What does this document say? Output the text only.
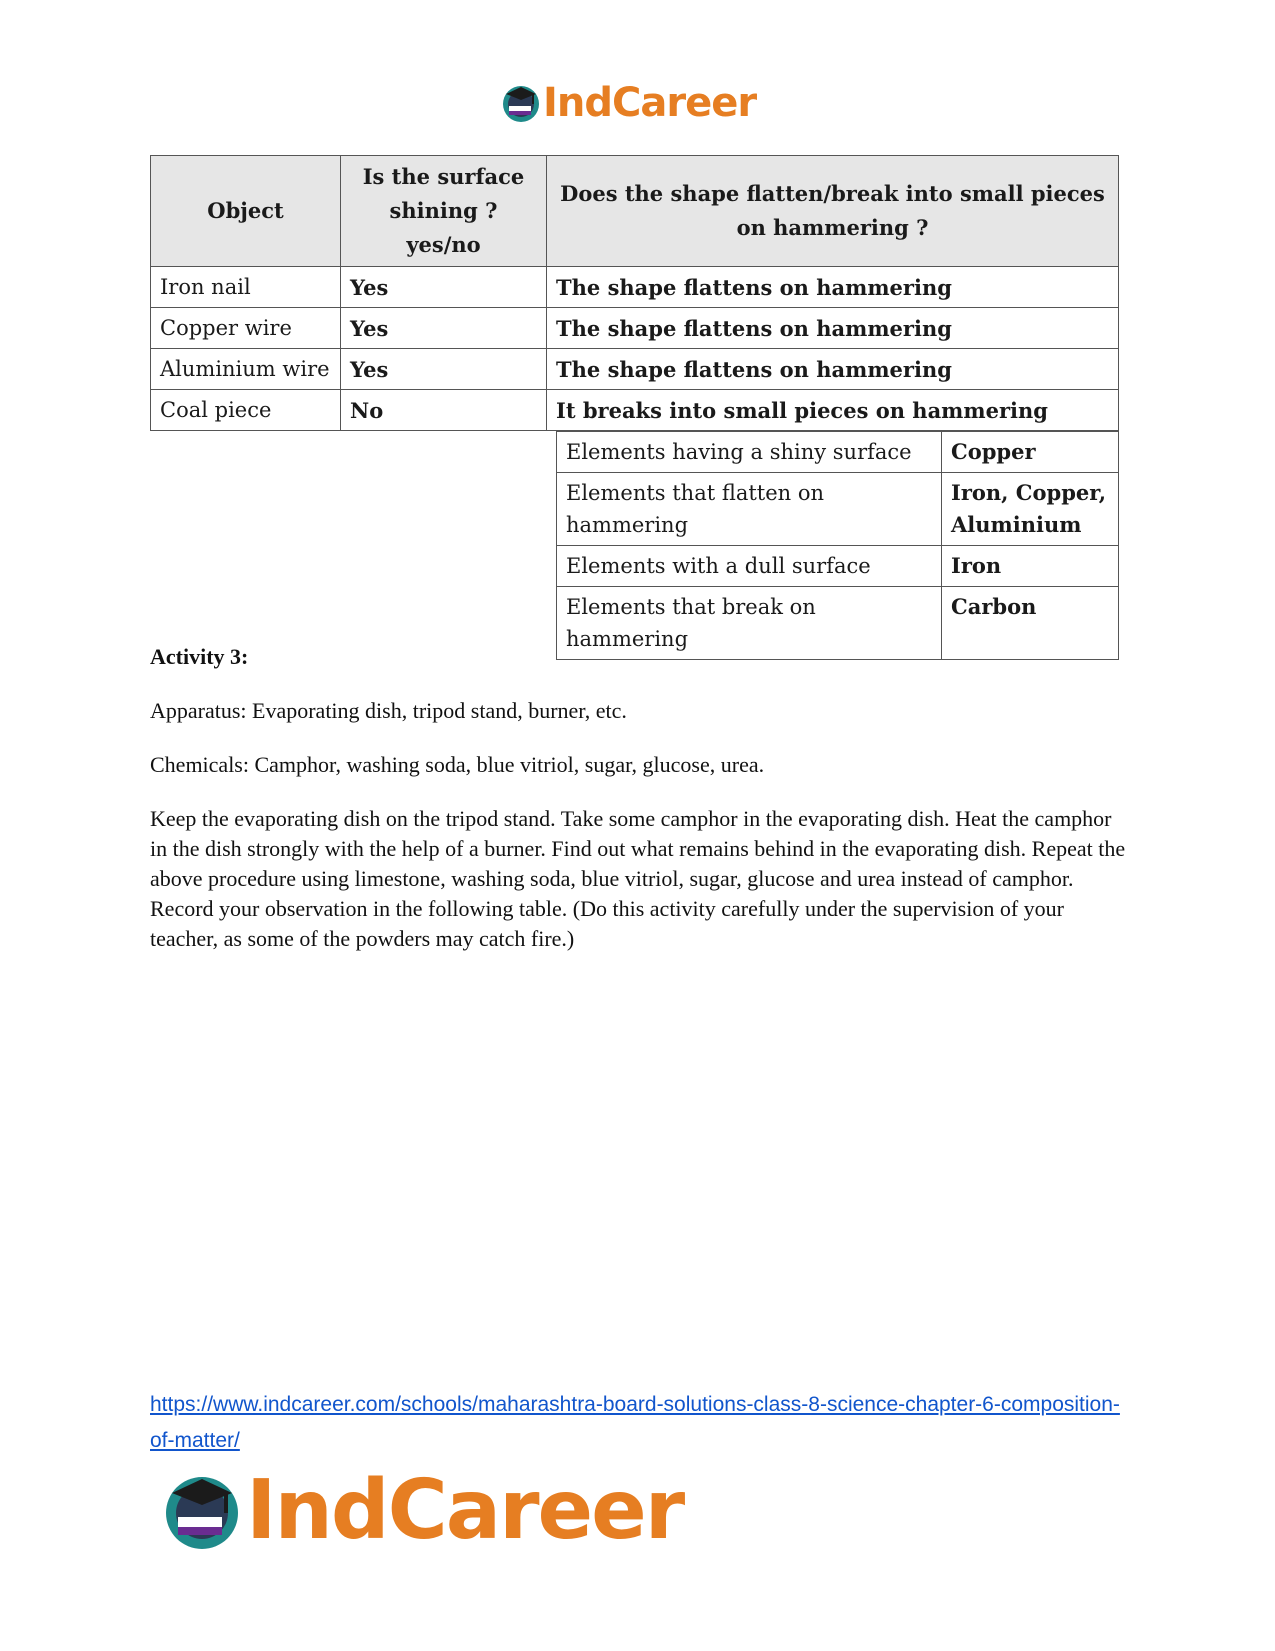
IndCareer
Object	Is the surface shining ? yes/no	Does the shape flatten/break into small pieces on hammering ?
Iron nail	Yes	The shape flattens on hammering
Copper wire	Yes	The shape flattens on hammering
Aluminium wire	Yes	The shape flattens on hammering
Coal piece	No	It breaks into small pieces on hammering
Elements having a shiny surface	Copper
Elements that flatten on hammering	Iron, Copper, Aluminium
Elements with a dull surface	Iron
Elements that break on hammering	Carbon

Activity 3:

Apparatus: Evaporating dish, tripod stand, burner, etc.

Chemicals: Camphor, washing soda, blue vitriol, sugar, glucose, urea.

Keep the evaporating dish on the tripod stand. Take some camphor in the evaporating dish. Heat the camphor in the dish strongly with the help of a burner. Find out what remains behind in the evaporating dish. Repeat the above procedure using limestone, washing soda, blue vitriol, sugar, glucose and urea instead of camphor. Record your observation in the following table. (Do this activity carefully under the supervision of your teacher, as some of the powders may catch fire.)

https://www.indcareer.com/schools/maharashtra-board-solutions-class-8-science-chapter-6-composition-of-matter/
IndCareer
